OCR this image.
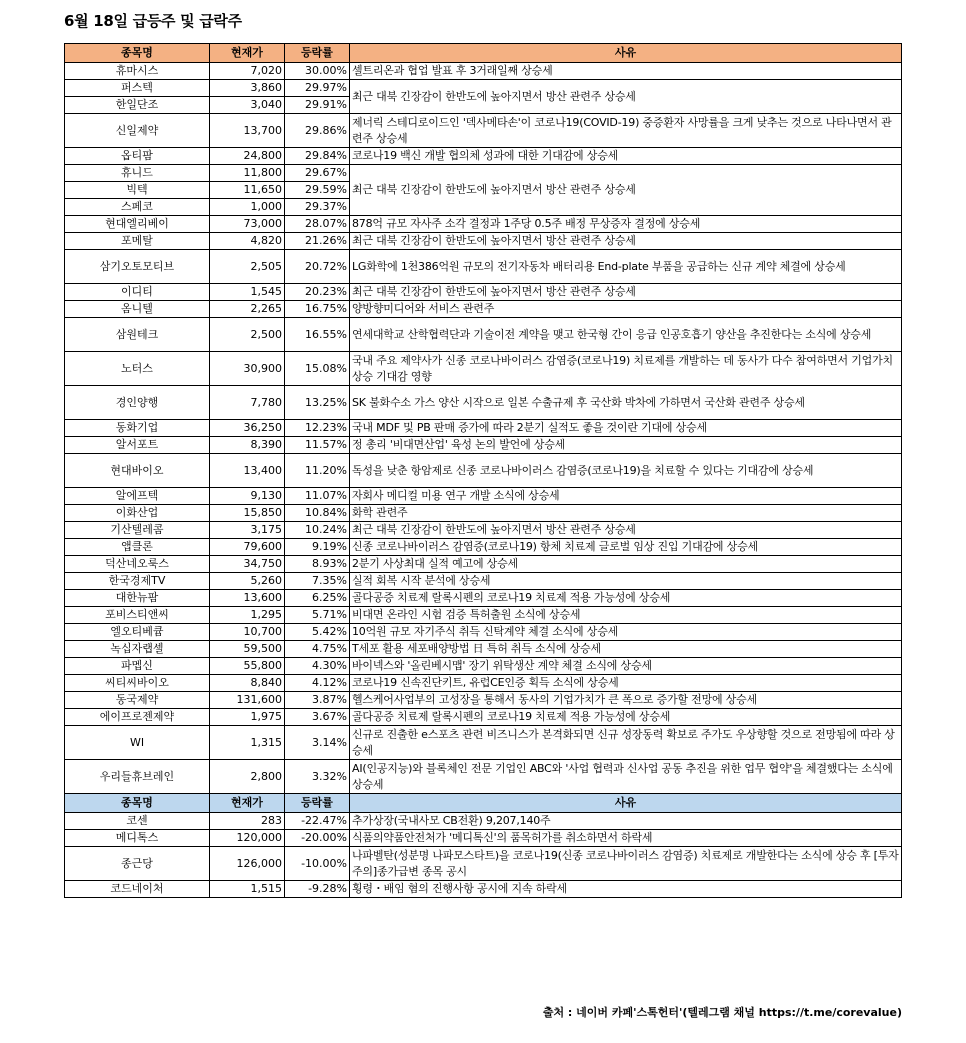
6월 18일 급등주 및 급락주
종목명	현재가	등락률	사유
휴마시스	7,020	30.00%	셀트리온과 협업 발표 후 3거래일째 상승세
퍼스텍	3,860	29.97%	최근 대북 긴장감이 한반도에 높아지면서 방산 관련주 상승세
한일단조	3,040	29.91%	
신일제약	13,700	29.86%	제너릭 스테디로이드인 '덱사메타손'이 코로나19(COVID-19) 중증환자 사망률을 크게 낮추는 것으로 나타나면서 관련주 상승세
옵티팜	24,800	29.84%	코로나19 백신 개발 협의체 성과에 대한 기대감에 상승세
휴니드	11,800	29.67%	최근 대북 긴장감이 한반도에 높아지면서 방산 관련주 상승세
빅텍	11,650	29.59%	
스페코	1,000	29.37%	
현대엘리베이	73,000	28.07%	878억 규모 자사주 소각 결정과 1주당 0.5주 배정 무상증자 결정에 상승세
포메탈	4,820	21.26%	최근 대북 긴장감이 한반도에 높아지면서 방산 관련주 상승세
삼기오토모티브	2,505	20.72%	LG화학에 1천386억원 규모의 전기자동차 배터리용 End-plate 부품을 공급하는 신규 계약 체결에 상승세
이디티	1,545	20.23%	최근 대북 긴장감이 한반도에 높아지면서 방산 관련주 상승세
옴니텔	2,265	16.75%	양방향미디어와 서비스 관련주
삼원테크	2,500	16.55%	연세대학교 산학협력단과 기술이전 계약을 맺고 한국형 간이 응급 인공호흡기 양산을 추진한다는 소식에 상승세
노터스	30,900	15.08%	국내 주요 제약사가 신종 코로나바이러스 감염증(코로나19) 치료제를 개발하는 데 동사가 다수 참여하면서 기업가치 상승 기대감 영향
경인양행	7,780	13.25%	SK 불화수소 가스 양산 시작으로 일본 수출규제 후 국산화 박차에 가하면서 국산화 관련주 상승세
동화기업	36,250	12.23%	국내 MDF 및 PB 판매 증가에 따라 2분기 실적도 좋을 것이란 기대에 상승세
알서포트	8,390	11.57%	정 총리 '비대면산업' 육성 논의 발언에 상승세
현대바이오	13,400	11.20%	독성을 낮춘 항암제로 신종 코로나바이러스 감염증(코로나19)을 치료할 수 있다는 기대감에 상승세
알에프텍	9,130	11.07%	자회사 메디컬 미용 연구 개발 소식에 상승세
이화산업	15,850	10.84%	화학 관련주
기산텔레콤	3,175	10.24%	최근 대북 긴장감이 한반도에 높아지면서 방산 관련주 상승세
앱클론	79,600	9.19%	신종 코로나바이러스 감염증(코로나19) 항체 치료제 글로벌 임상 진입 기대감에 상승세
덕산네오룩스	34,750	8.93%	2분기 사상최대 실적 예고에 상승세
한국경제TV	5,260	7.35%	실적 회복 시작 분석에 상승세
대한뉴팜	13,600	6.25%	골다공증 치료제 랄록시펜의 코로나19 치료제 적용 가능성에 상승세
포비스티앤씨	1,295	5.71%	비대면 온라인 시험 검증 특허출원 소식에 상승세
엘오티베큠	10,700	5.42%	10억원 규모 자기주식 취득 신탁계약 체결 소식에 상승세
녹십자랩셀	59,500	4.75%	T세포 활용 세포배양방법 日 특허 취득 소식에 상승세
파멥신	55,800	4.30%	바이넥스와 '올린베시맵' 장기 위탁생산 계약 체결 소식에 상승세
씨티씨바이오	8,840	4.12%	코로나19 신속진단키트, 유럽CE인증 획득 소식에 상승세
동국제약	131,600	3.87%	헬스케어사업부의 고성장을 통해서 동사의 기업가치가 큰 폭으로 증가할 전망에 상승세
에이프로젠제약	1,975	3.67%	골다공증 치료제 랄록시펜의 코로나19 치료제 적용 가능성에 상승세
WI	1,315	3.14%	신규로 진출한 e스포츠 관련 비즈니스가 본격화되면 신규 성장동력 확보로 주가도 우상향할 것으로 전망됨에 따라 상승세
우리들휴브레인	2,800	3.32%	AI(인공지능)와 블록체인 전문 기업인 ABC와 '사업 협력과 신사업 공동 추진을 위한 업무 협약'을 체결했다는 소식에 상승세
종목명	현재가	등락률	사유
코센	283	-22.47%	추가상장(국내사모 CB전환) 9,207,140주
메디톡스	120,000	-20.00%	식품의약품안전처가 '메디톡신'의 품목허가를 취소하면서 하락세
종근당	126,000	-10.00%	나파벨탄(성분명 나파모스타트)을 코로나19(신종 코로나바이러스 감염증) 치료제로 개발한다는 소식에 상승 후 [투자주의]종가급변 종목 공시
코드네이처	1,515	-9.28%	횡령・배임 혐의 진행사항 공시에 지속 하락세
출처 : 네이버 카페'스톡헌터'(텔레그램 채널 https://t.me/corevalue)
